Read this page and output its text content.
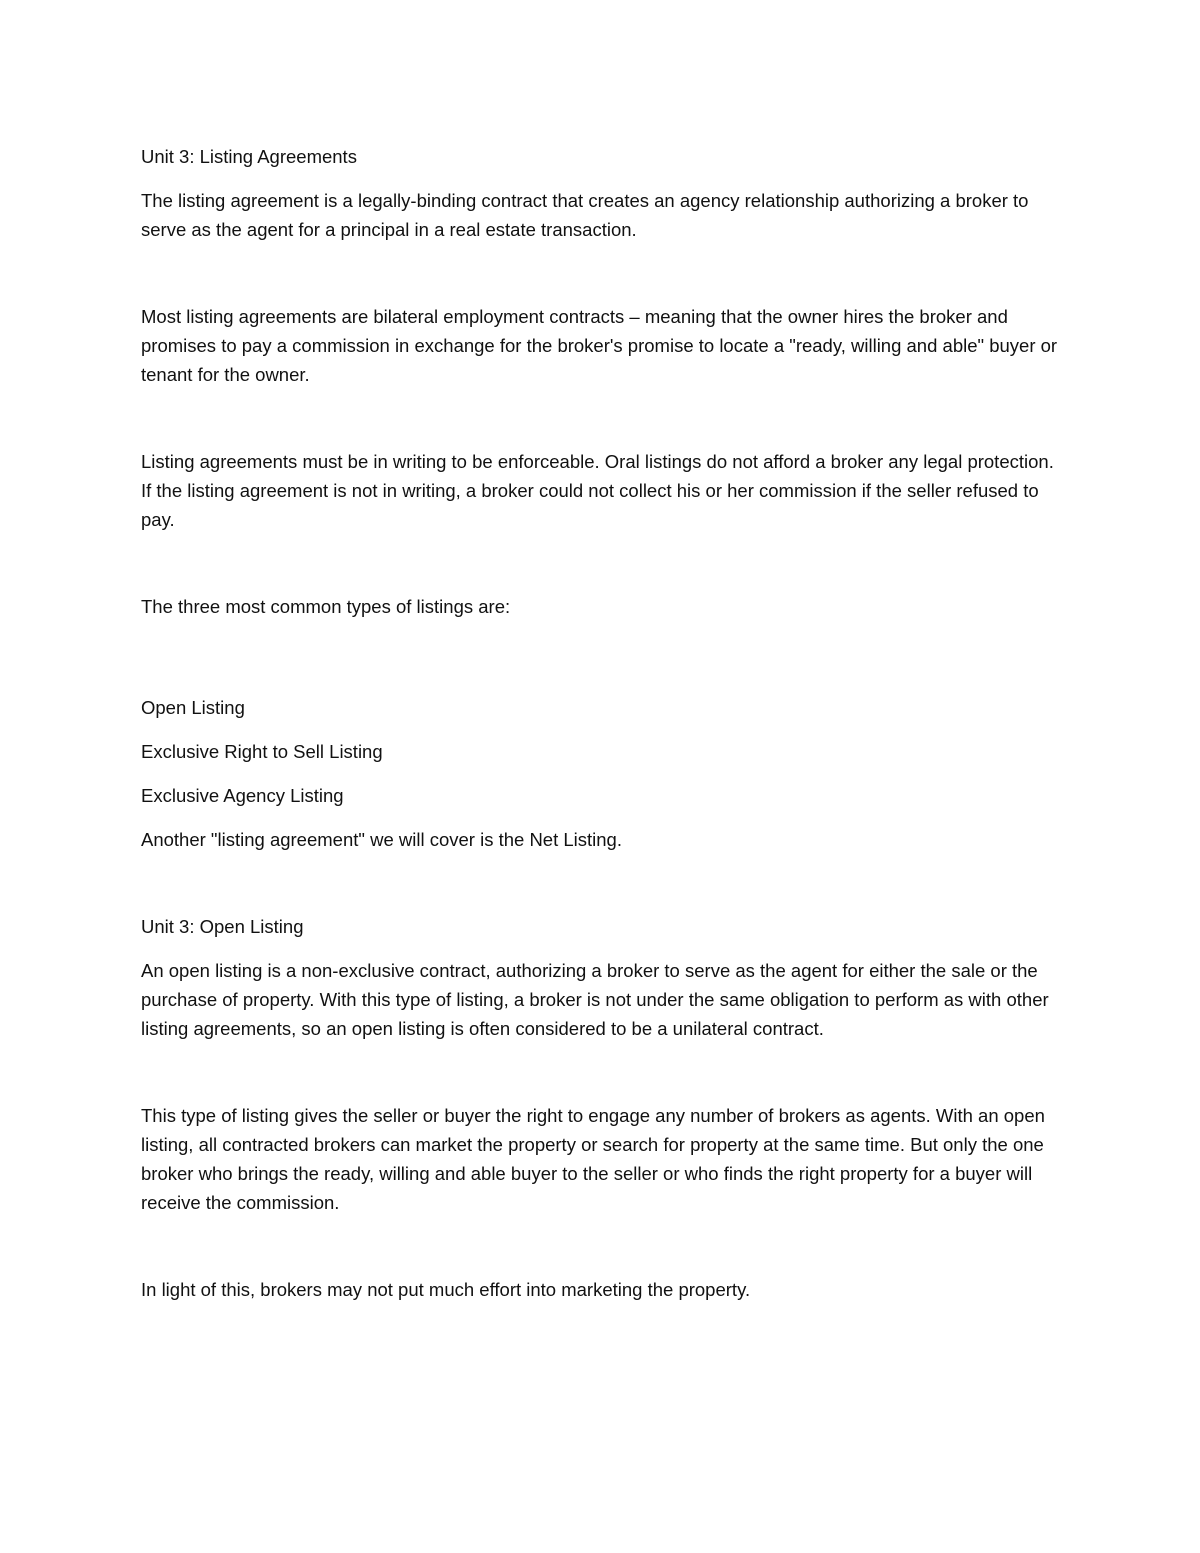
Unit 3: Listing Agreements

The listing agreement is a legally-binding contract that creates an agency relationship authorizing a broker to serve as the agent for a principal in a real estate transaction.

Most listing agreements are bilateral employment contracts – meaning that the owner hires the broker and promises to pay a commission in exchange for the broker's promise to locate a "ready, willing and able" buyer or tenant for the owner.

Listing agreements must be in writing to be enforceable. Oral listings do not afford a broker any legal protection. If the listing agreement is not in writing, a broker could not collect his or her commission if the seller refused to pay.

The three most common types of listings are:

Open Listing

Exclusive Right to Sell Listing

Exclusive Agency Listing

Another "listing agreement" we will cover is the Net Listing.

Unit 3: Open Listing

An open listing is a non-exclusive contract, authorizing a broker to serve as the agent for either the sale or the purchase of property. With this type of listing, a broker is not under the same obligation to perform as with other listing agreements, so an open listing is often considered to be a unilateral contract.

This type of listing gives the seller or buyer the right to engage any number of brokers as agents. With an open listing, all contracted brokers can market the property or search for property at the same time. But only the one broker who brings the ready, willing and able buyer to the seller or who finds the right property for a buyer will receive the commission.

In light of this, brokers may not put much effort into marketing the property.
